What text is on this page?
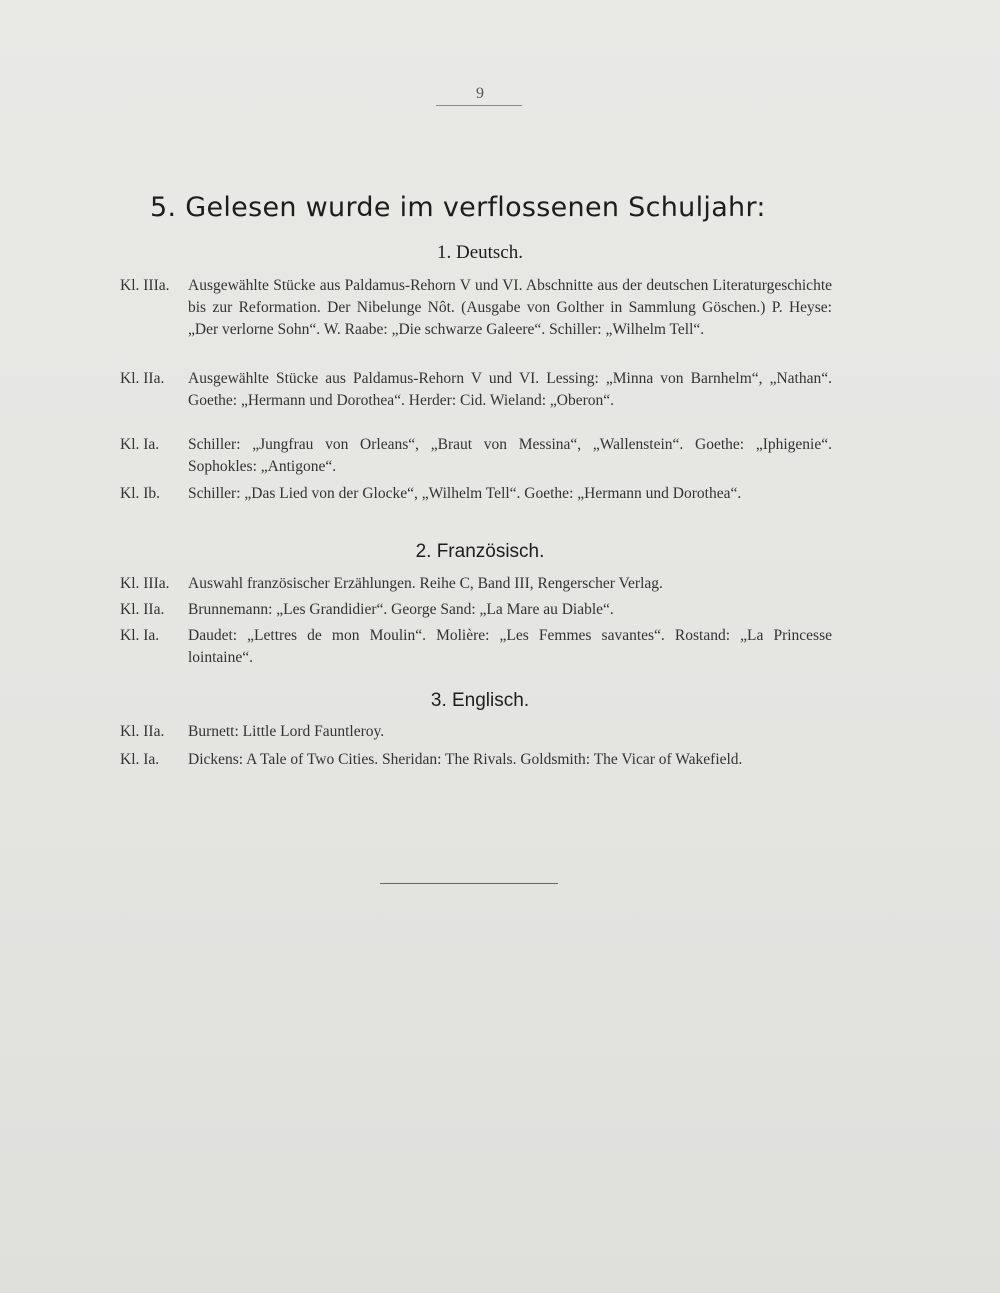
9
5. Gelesen wurde im verflossenen Schuljahr:
1. Deutsch.
Kl. IIIa.	Ausgewählte Stücke aus Paldamus-Rehorn V und VI. Abschnitte aus der deutschen Literaturgeschichte bis zur Reformation. Der Nibelunge Nôt. (Ausgabe von Golther in Sammlung Göschen.) P. Heyse: „Der verlorne Sohn“. W. Raabe: „Die schwarze Galeere“. Schiller: „Wilhelm Tell“.
Kl. IIa.	Ausgewählte Stücke aus Paldamus-Rehorn V und VI. Lessing: „Minna von Barnhelm“, „Nathan“. Goethe: „Hermann und Dorothea“. Herder: Cid. Wieland: „Oberon“.
Kl. Ia.	Schiller: „Jungfrau von Orleans“, „Braut von Messina“, „Wallenstein“. Goethe: „Iphigenie“. Sophokles: „Antigone“.
Kl. Ib.	Schiller: „Das Lied von der Glocke“, „Wilhelm Tell“. Goethe: „Hermann und Dorothea“.
2. Französisch.
Kl. IIIa.	Auswahl französischer Erzählungen. Reihe C, Band III, Rengerscher Verlag.
Kl. IIa.	Brunnemann: „Les Grandidier“. George Sand: „La Mare au Diable“.
Kl. Ia.	Daudet: „Lettres de mon Moulin“. Molière: „Les Femmes savantes“. Rostand: „La Princesse lointaine“.
3. Englisch.
Kl. IIa.	Burnett: Little Lord Fauntleroy.
Kl. Ia.	Dickens: A Tale of Two Cities. Sheridan: The Rivals. Goldsmith: The Vicar of Wakefield.
